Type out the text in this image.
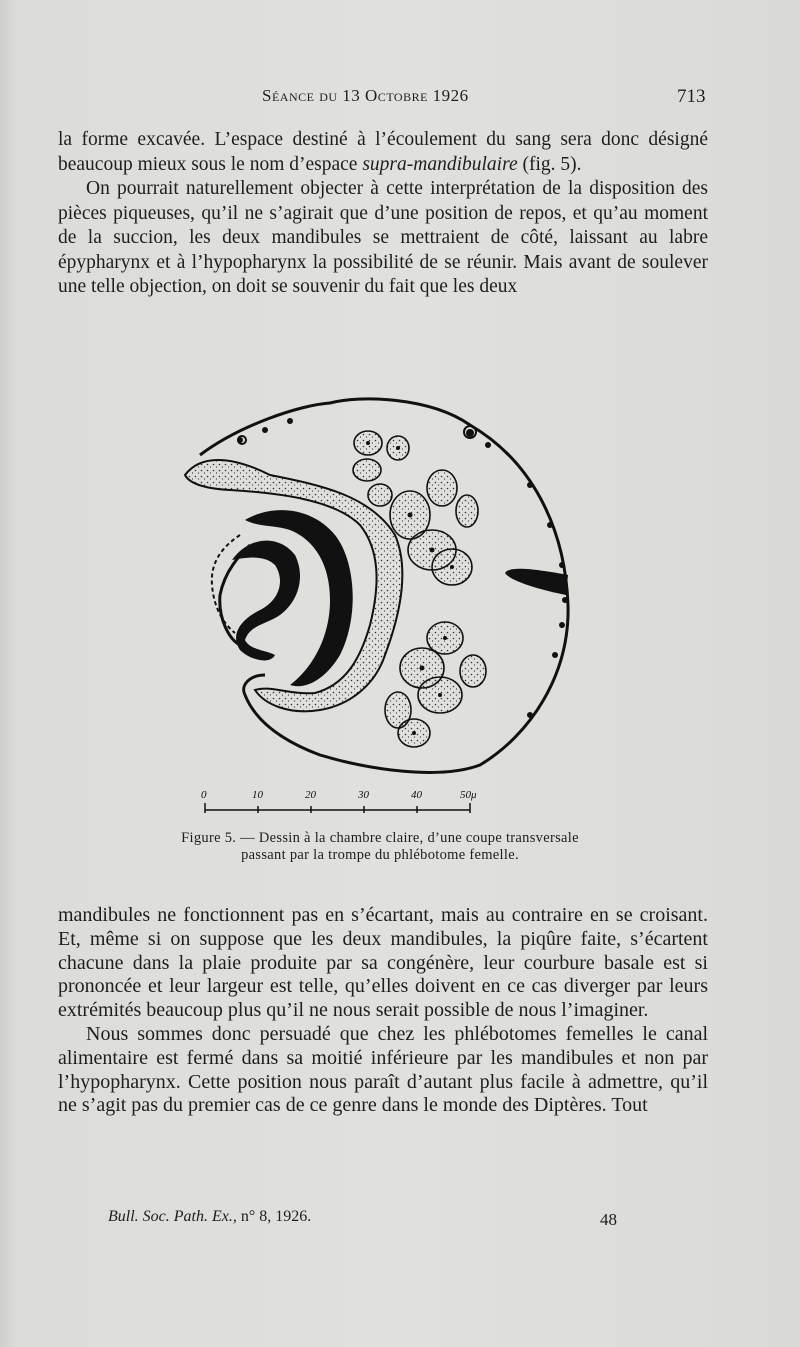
Séance du 13 Octobre 1926	713

la forme excavée. L’espace destiné à l’écoulement du sang sera donc désigné beaucoup mieux sous le nom d’espace supra-mandibulaire (fig. 5).

On pourrait naturellement objecter à cette interprétation de la disposition des pièces piqueuses, qu’il ne s’agirait que d’une position de repos, et qu’au moment de la succion, les deux mandibules se mettraient de côté, laissant au labre épypharynx et à l’hypopharynx la possibilité de se réunir. Mais avant de soulever une telle objection, on doit se souvenir du fait que les deux

0	10	20	30	40	50μ
Figure 5. — Dessin à la chambre claire, d’une coupe transversale
passant par la trompe du phlébotome femelle.

mandibules ne fonctionnent pas en s’écartant, mais au contraire en se croisant. Et, même si on suppose que les deux mandibules, la piqûre faite, s’écartent chacune dans la plaie produite par sa congénère, leur courbure basale est si prononcée et leur largeur est telle, qu’elles doivent en ce cas diverger par leurs extrémités beaucoup plus qu’il ne nous serait possible de nous l’imaginer.

Nous sommes donc persuadé que chez les phlébotomes femelles le canal alimentaire est fermé dans sa moitié inférieure par les mandibules et non par l’hypopharynx. Cette position nous paraît d’autant plus facile à admettre, qu’il ne s’agit pas du premier cas de ce genre dans le monde des Diptères. Tout

Bull. Soc. Path. Ex., n° 8, 1926.	48
